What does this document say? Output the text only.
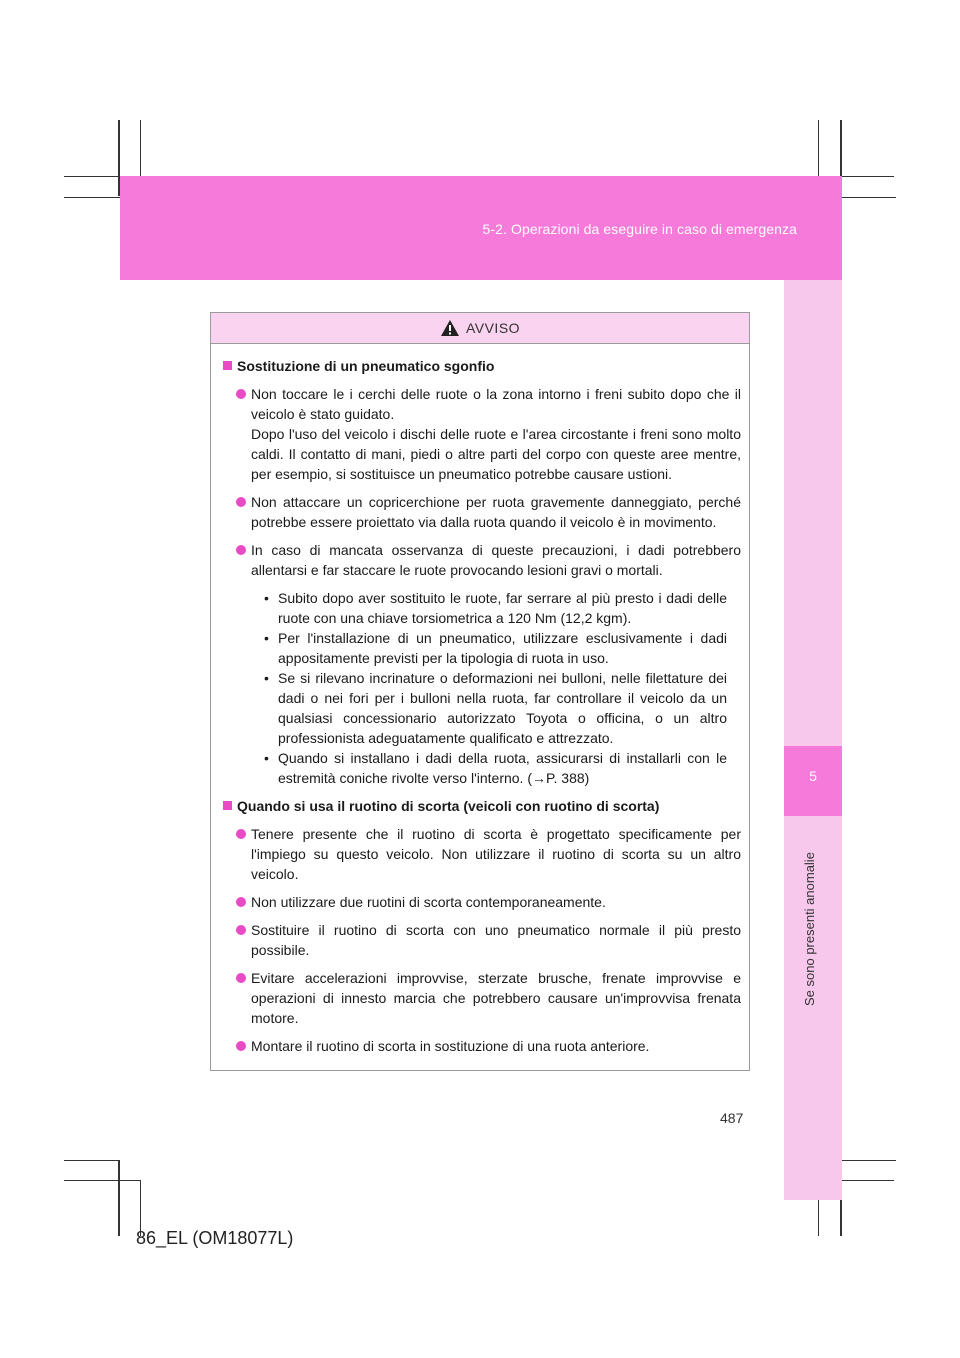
5-2. Operazioni da eseguire in caso di emergenza
5
Se sono presenti anomalie
AVVISO
Sostituzione di un pneumatico sgonfio

Non toccare le i cerchi delle ruote o la zona intorno i freni subito dopo che il veicolo è stato guidato.

Dopo l'uso del veicolo i dischi delle ruote e l'area circostante i freni sono molto caldi. Il contatto di mani, piedi o altre parti del corpo con queste aree mentre, per esempio, si sostituisce un pneumatico potrebbe causare ustioni.

Non attaccare un copricerchione per ruota gravemente danneggiato, perché potrebbe essere proiettato via dalla ruota quando il veicolo è in movimento.

In caso di mancata osservanza di queste precauzioni, i dadi potrebbero allentarsi e far staccare le ruote provocando lesioni gravi o mortali.

• Subito dopo aver sostituito le ruote, far serrare al più presto i dadi delle ruote con una chiave torsiometrica a 120 Nm (12,2 kgm).
• Per l'installazione di un pneumatico, utilizzare esclusivamente i dadi appositamente previsti per la tipologia di ruota in uso.
• Se si rilevano incrinature o deformazioni nei bulloni, nelle filettature dei dadi o nei fori per i bulloni nella ruota, far controllare il veicolo da un qualsiasi concessionario autorizzato Toyota o officina, o un altro professionista adeguatamente qualificato e attrezzato.
• Quando si installano i dadi della ruota, assicurarsi di installarli con le estremità coniche rivolte verso l'interno. (→P. 388)
Quando si usa il ruotino di scorta (veicoli con ruotino di scorta)

Tenere presente che il ruotino di scorta è progettato specificamente per l'impiego su questo veicolo. Non utilizzare il ruotino di scorta su un altro veicolo.

Non utilizzare due ruotini di scorta contemporaneamente.

Sostituire il ruotino di scorta con uno pneumatico normale il più presto possibile.

Evitare accelerazioni improvvise, sterzate brusche, frenate improvvise e operazioni di innesto marcia che potrebbero causare un'improvvisa frenata motore.

Montare il ruotino di scorta in sostituzione di una ruota anteriore.

487
86_EL (OM18077L)
